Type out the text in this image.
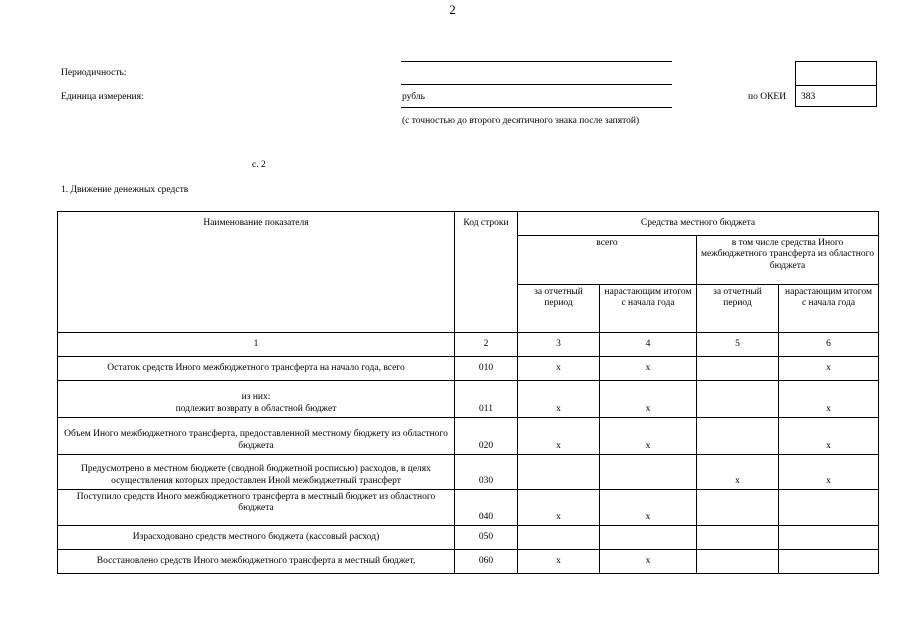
2
Периодичность:
Единица измерения:	рубль
(с точностью до второго десятичного знака после запятой)
по ОКЕИ 383
с. 2
1. Движение денежных средств
Наименование показателя	Код строки	Средства местного бюджета			
		всего		в том числе средства Иного межбюджетного трансферта из областного бюджета	
		за отчетный период	нарастающим итогом с начала года	за отчетный период	нарастающим итогом с начала года
1	2	3	4	5	6
Остаток средств Иного межбюджетного трансферта на начало года, всего	010	x	x		x

из них:
подлежит возврату в областной бюджет	011	x	x		x
Объем Иного межбюджетного трансферта, предоставленной местному бюджету из областного бюджета	020	x	x		x
Предусмотрено в местном бюджете (сводной бюджетной росписью) расходов, в целях осуществления которых предоставлен Иной межбюджетный трансферт	030			x	x
Поступило средств Иного межбюджетного трансферта в местный бюджет из областного бюджета	040	x	x		
Израсходовано средств местного бюджета (кассовый расход)	050				
Восстановлено средств Иного межбюджетного трансферта в местный бюджет,	060	x	x		
